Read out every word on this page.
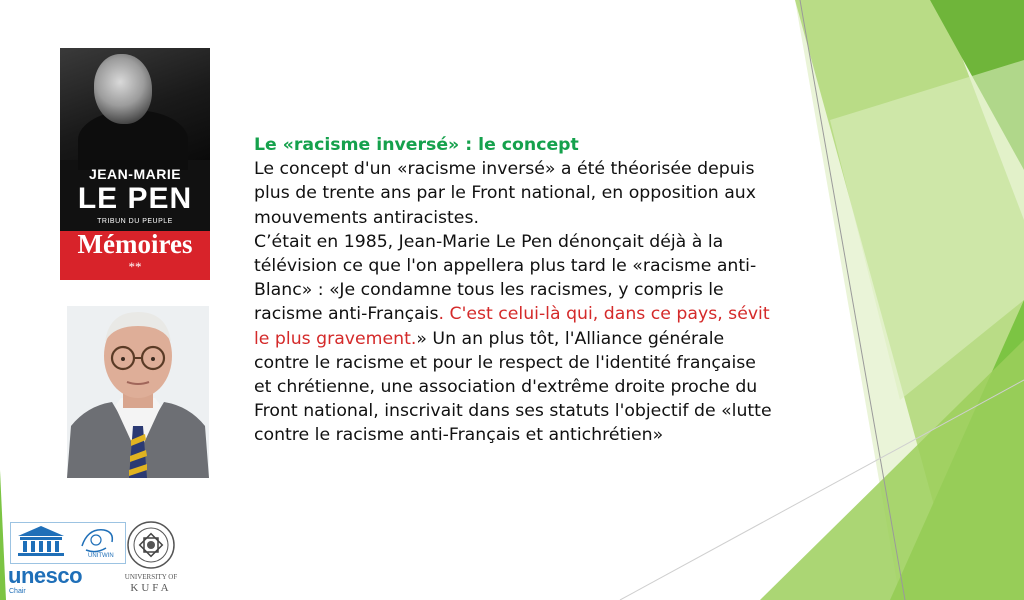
JEAN-MARIE
LE PEN
TRIBUN DU PEUPLE
Mémoires
**
Le «racisme inversé» : le concept
Le concept d'un «racisme inversé» a été théorisée depuis plus de trente ans par le Front national, en opposition aux mouvements antiracistes.
C’était en 1985, Jean-Marie Le Pen dénonçait déjà à la télévision ce que l'on appellera plus tard le «racisme anti-Blanc» : «Je condamne tous les racismes, y compris le racisme anti-Français. C'est celui-là qui, dans ce pays, sévit le plus gravement.» Un an plus tôt, l'Alliance générale contre le racisme et pour le respect de l'identité française et chrétienne, une association d'extrême droite proche du Front national, inscrivait dans ses statuts l'objectif de «lutte contre le racisme anti-Français et antichrétien»
UNITWIN
unesco
Chair
UNIVERSITY OF
KUFA
